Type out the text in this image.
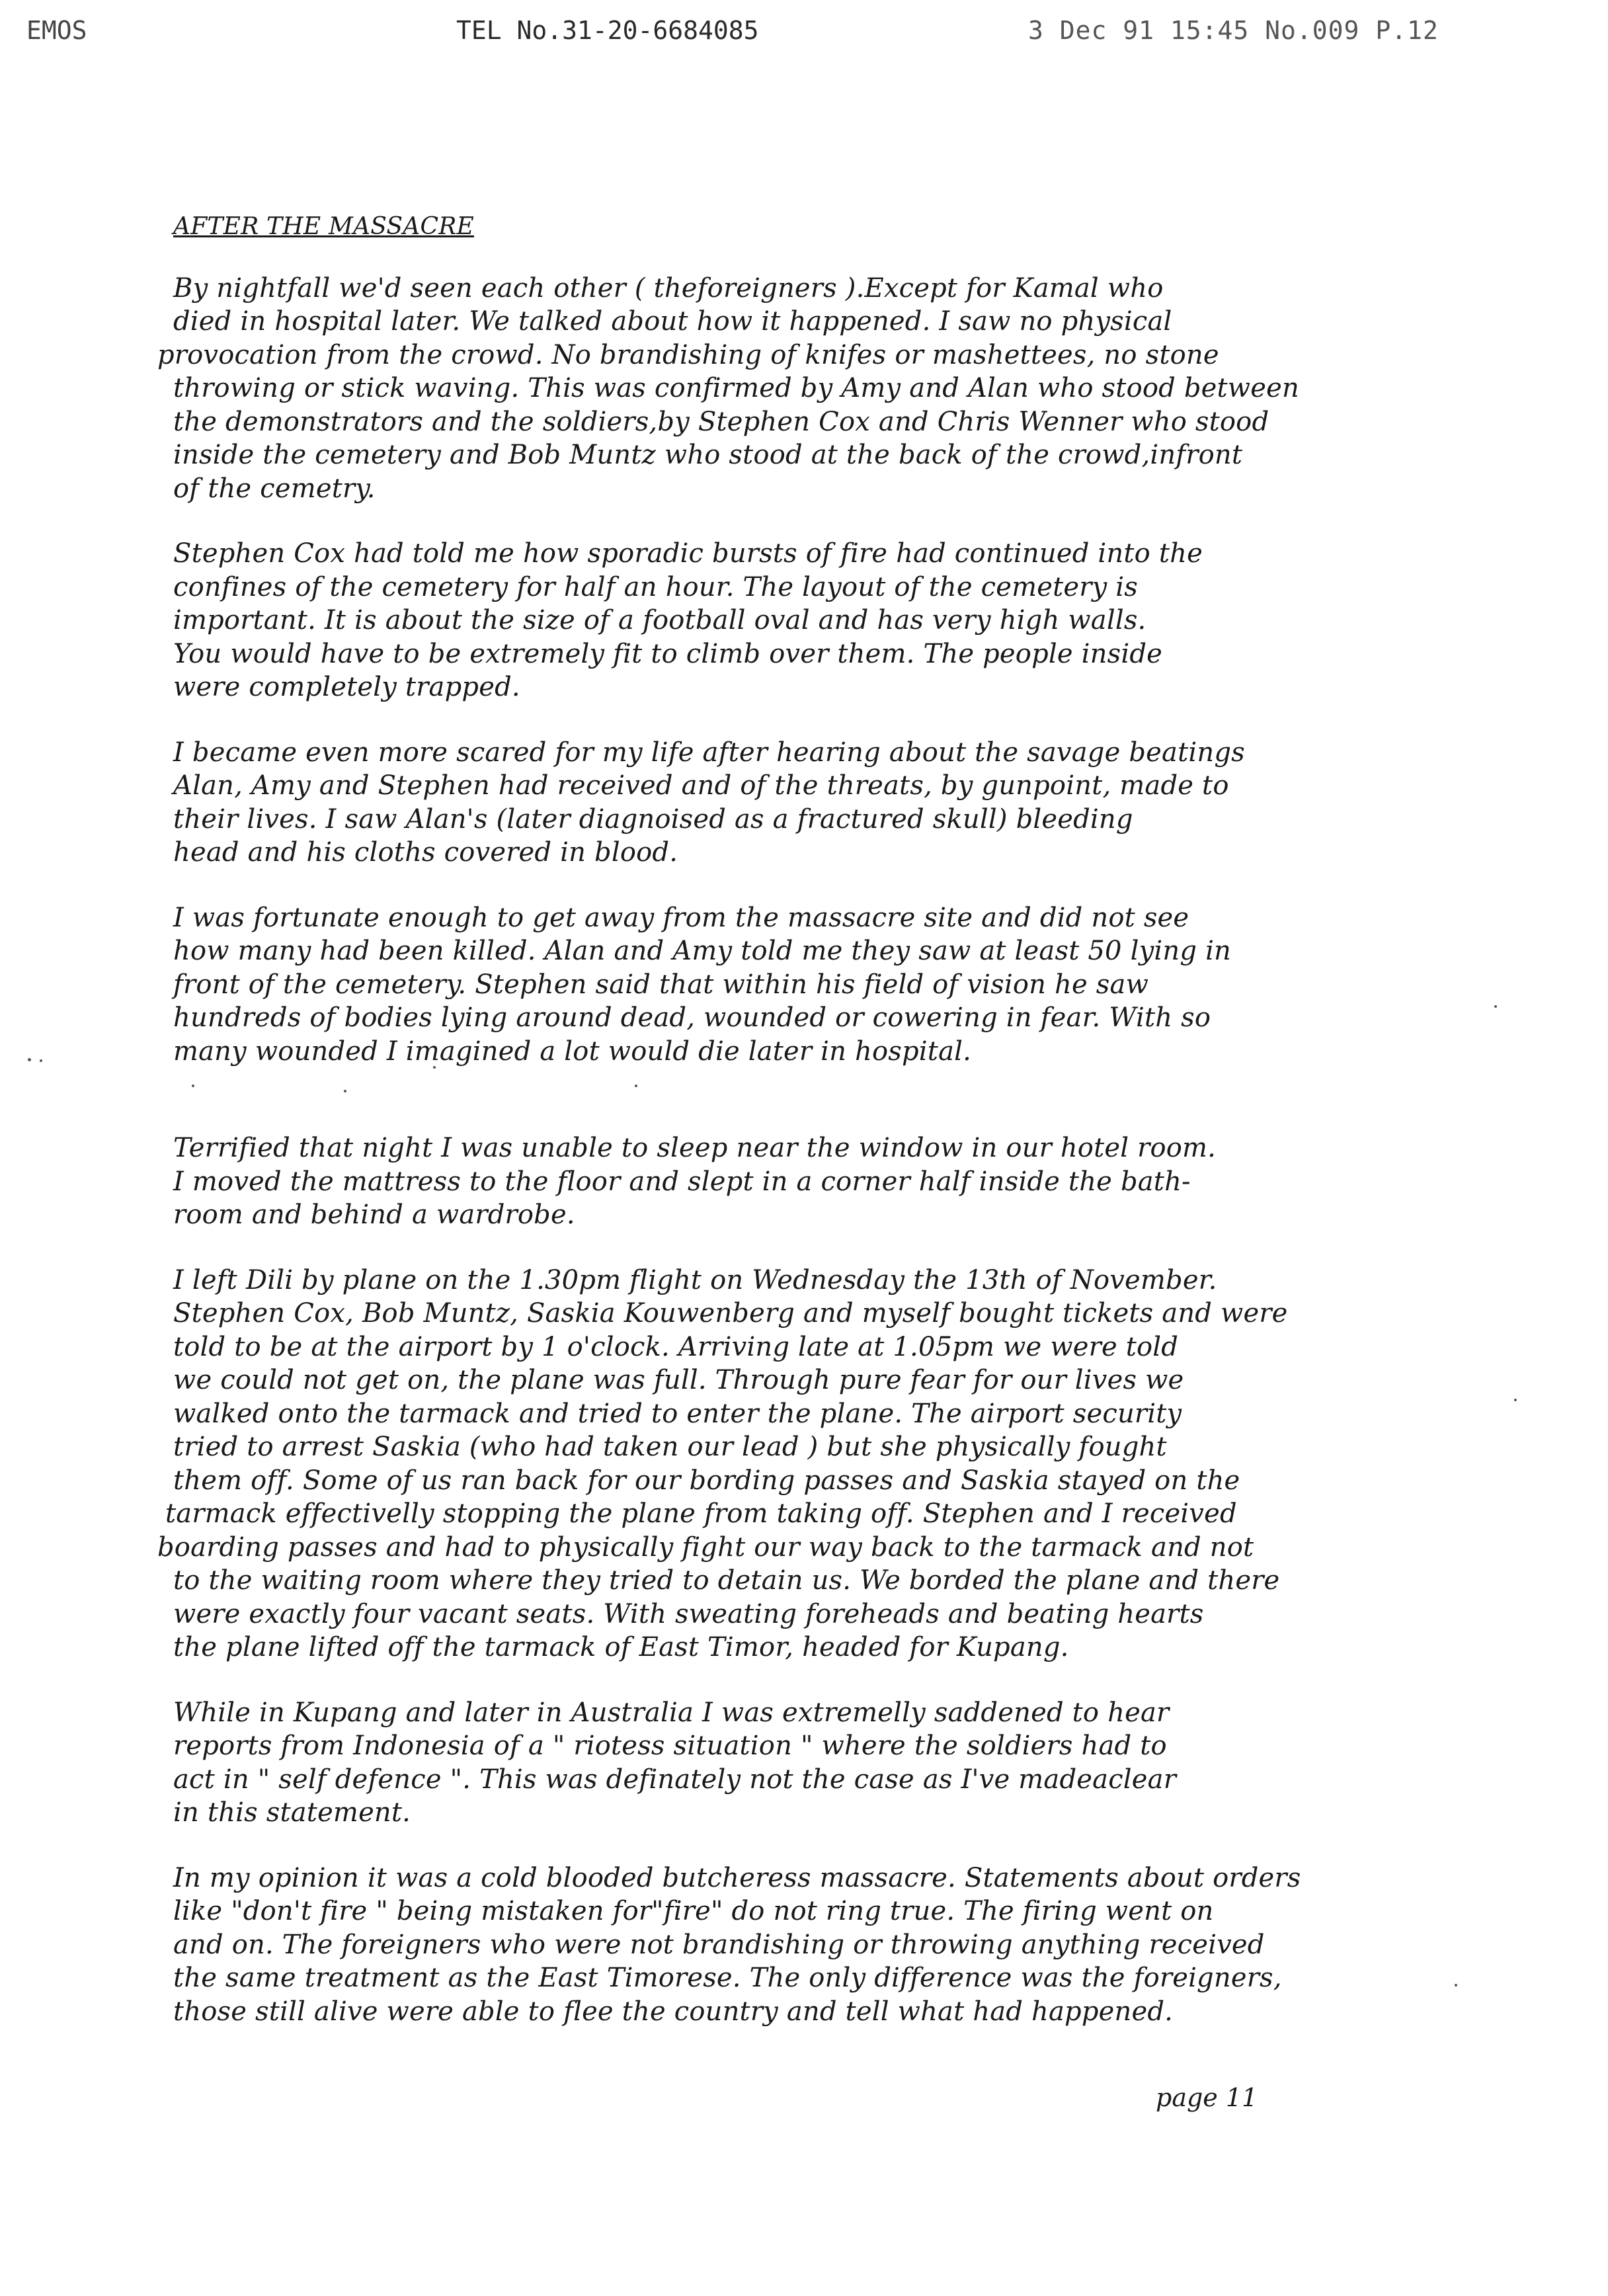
EMOS	TEL No.31-20-6684085	3 Dec 91 15:45 No.009 P.12
AFTER THE MASSACRE
By nightfall we'd seen each other ( theforeigners ).Except for Kamal who
died in hospital later. We talked about how it happened. I saw no physical
provocation from the crowd. No brandishing of knifes or mashettees, no stone
throwing or stick waving. This was confirmed by Amy and Alan who stood between
the demonstrators and the soldiers,by Stephen Cox and Chris Wenner who stood
inside the cemetery and Bob Muntz who stood at the back of the crowd,infront
of the cemetry.
Stephen Cox had told me how sporadic bursts of fire had continued into the
confines of the cemetery for half an hour. The layout of the cemetery is
important. It is about the size of a football oval and has very high walls.
You would have to be extremely fit to climb over them. The people inside
were completely trapped.
I became even more scared for my life after hearing about the savage beatings
Alan, Amy and Stephen had received and of the threats, by gunpoint, made to
their lives. I saw Alan's (later diagnoised as a fractured skull) bleeding
head and his cloths covered in blood.
I was fortunate enough to get away from the massacre site and did not see
how many had been killed. Alan and Amy told me they saw at least 50 lying in
front of the cemetery. Stephen said that within his field of vision he saw
hundreds of bodies lying around dead, wounded or cowering in fear. With so
many wounded I imagined a lot would die later in hospital.
Terrified that night I was unable to sleep near the window in our hotel room.
I moved the mattress to the floor and slept in a corner half inside the bath-
room and behind a wardrobe.
I left Dili by plane on the 1.30pm flight on Wednesday the 13th of November.
Stephen Cox, Bob Muntz, Saskia Kouwenberg and myself bought tickets and were
told to be at the airport by 1 o'clock. Arriving late at 1.05pm we were told
we could not get on, the plane was full. Through pure fear for our lives we
walked onto the tarmack and tried to enter the plane. The airport security
tried to arrest Saskia (who had taken our lead ) but she physically fought
them off. Some of us ran back for our bording passes and Saskia stayed on the
tarmack effectivelly stopping the plane from taking off. Stephen and I received
boarding passes and had to physically fight our way back to the tarmack and not
to the waiting room where they tried to detain us. We borded the plane and there
were exactly four vacant seats. With sweating foreheads and beating hearts
the plane lifted off the tarmack of East Timor, headed for Kupang.
While in Kupang and later in Australia I was extremelly saddened to hear
reports from Indonesia of a " riotess situation " where the soldiers had to
act in " self defence ". This was definately not the case as I've madeaclear
in this statement.
In my opinion it was a cold blooded butcheress massacre. Statements about orders
like "don't fire " being mistaken for"fire" do not ring true. The firing went on
and on. The foreigners who were not brandishing or throwing anything received
the same treatment as the East Timorese. The only difference was the foreigners,
those still alive were able to flee the country and tell what had happened.
page 11
